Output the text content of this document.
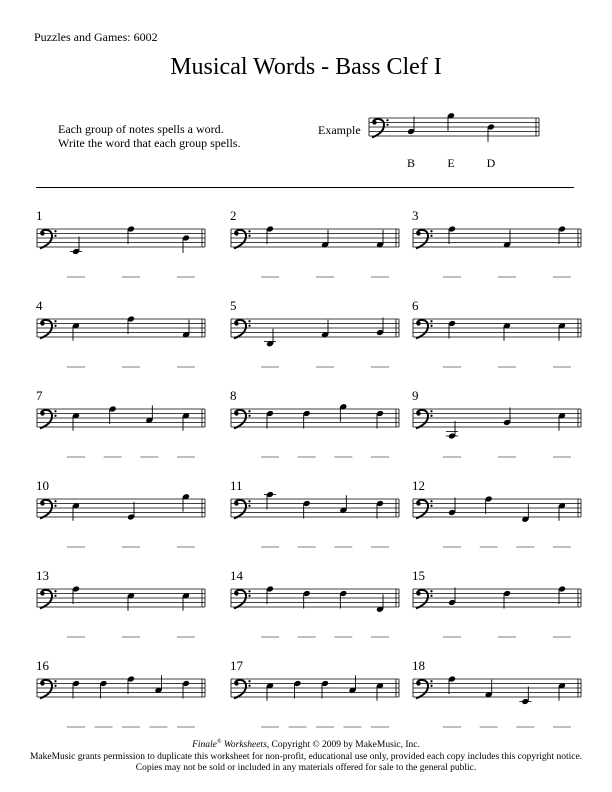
Puzzles and Games: 6002
Musical Words - Bass Clef I
Each group of notes spells a word.
Write the word that each group spells.
Example
B	E	D
1	2	3
4	5	6
7	8	9
10	11	12
13	14	15
16	17	18
Finale® Worksheets, Copyright © 2009 by MakeMusic, Inc.
MakeMusic grants permission to duplicate this worksheet for non-profit, educational use only, provided each copy includes this copyright notice.
Copies may not be sold or included in any materials offered for sale to the general public.
